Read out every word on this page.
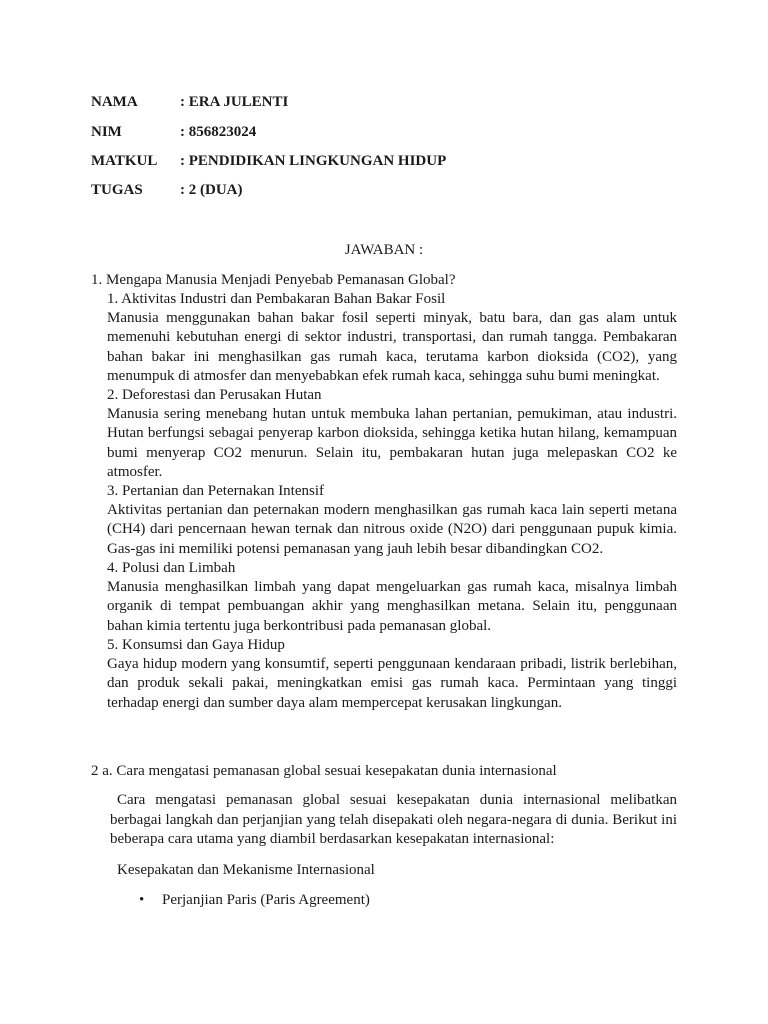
NAMA	: ERA JULENTI
NIM	: 856823024
MATKUL : PENDIDIKAN LINGKUNGAN HIDUP
TUGAS : 2 (DUA)
JAWABAN :
1. Mengapa Manusia Menjadi Penyebab Pemanasan Global?
1. Aktivitas Industri dan Pembakaran Bahan Bakar Fosil
Manusia menggunakan bahan bakar fosil seperti minyak, batu bara, dan gas alam untuk memenuhi kebutuhan energi di sektor industri, transportasi, dan rumah tangga. Pembakaran bahan bakar ini menghasilkan gas rumah kaca, terutama karbon dioksida (CO2), yang menumpuk di atmosfer dan menyebabkan efek rumah kaca, sehingga suhu bumi meningkat.
2. Deforestasi dan Perusakan Hutan
Manusia sering menebang hutan untuk membuka lahan pertanian, pemukiman, atau industri. Hutan berfungsi sebagai penyerap karbon dioksida, sehingga ketika hutan hilang, kemampuan bumi menyerap CO2 menurun. Selain itu, pembakaran hutan juga melepaskan CO2 ke atmosfer.
3. Pertanian dan Peternakan Intensif
Aktivitas pertanian dan peternakan modern menghasilkan gas rumah kaca lain seperti metana (CH4) dari pencernaan hewan ternak dan nitrous oxide (N2O) dari penggunaan pupuk kimia. Gas-gas ini memiliki potensi pemanasan yang jauh lebih besar dibandingkan CO2.
4. Polusi dan Limbah
Manusia menghasilkan limbah yang dapat mengeluarkan gas rumah kaca, misalnya limbah organik di tempat pembuangan akhir yang menghasilkan metana. Selain itu, penggunaan bahan kimia tertentu juga berkontribusi pada pemanasan global.
5. Konsumsi dan Gaya Hidup
Gaya hidup modern yang konsumtif, seperti penggunaan kendaraan pribadi, listrik berlebihan, dan produk sekali pakai, meningkatkan emisi gas rumah kaca. Permintaan yang tinggi terhadap energi dan sumber daya alam mempercepat kerusakan lingkungan.
2 a. Cara mengatasi pemanasan global sesuai kesepakatan dunia internasional
Cara mengatasi pemanasan global sesuai kesepakatan dunia internasional melibatkan berbagai langkah dan perjanjian yang telah disepakati oleh negara-negara di dunia. Berikut ini beberapa cara utama yang diambil berdasarkan kesepakatan internasional:
Kesepakatan dan Mekanisme Internasional
• Perjanjian Paris (Paris Agreement)
